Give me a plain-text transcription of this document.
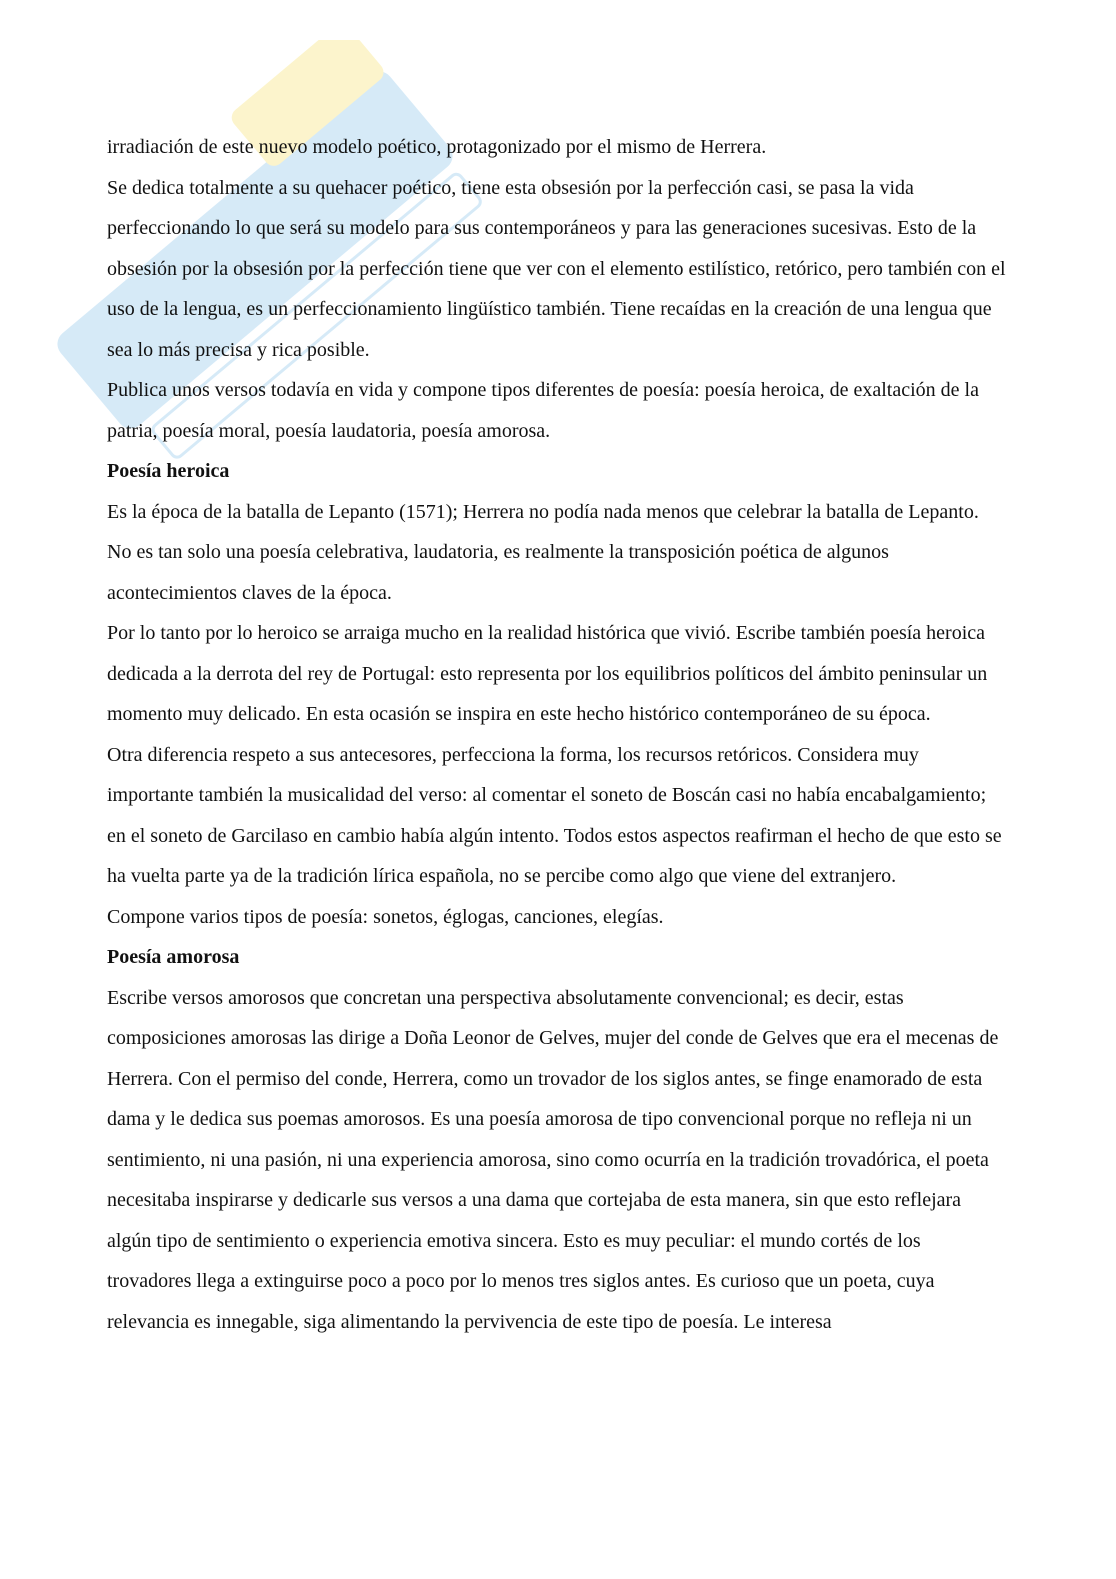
irradiación de este nuevo modelo poético, protagonizado por el mismo de Herrera.

Se dedica totalmente a su quehacer poético, tiene esta obsesión por la perfección casi, se pasa la vida perfeccionando lo que será su modelo para sus contemporáneos y para las generaciones sucesivas. Esto de la obsesión por la obsesión por la perfección tiene que ver con el elemento estilístico, retórico, pero también con el uso de la lengua, es un perfeccionamiento lingüístico también. Tiene recaídas en la creación de una lengua que sea lo más precisa y rica posible.

Publica unos versos todavía en vida y compone tipos diferentes de poesía: poesía heroica, de exaltación de la patria, poesía moral, poesía laudatoria, poesía amorosa.

Poesía heroica

Es la época de la batalla de Lepanto (1571); Herrera no podía nada menos que celebrar la batalla de Lepanto. No es tan solo una poesía celebrativa, laudatoria, es realmente la transposición poética de algunos acontecimientos claves de la época.

Por lo tanto por lo heroico se arraiga mucho en la realidad histórica que vivió. Escribe también poesía heroica dedicada a la derrota del rey de Portugal: esto representa por los equilibrios políticos del ámbito peninsular un momento muy delicado. En esta ocasión se inspira en este hecho histórico contemporáneo de su época.

Otra diferencia respeto a sus antecesores, perfecciona la forma, los recursos retóricos. Considera muy importante también la musicalidad del verso: al comentar el soneto de Boscán casi no había encabalgamiento; en el soneto de Garcilaso en cambio había algún intento. Todos estos aspectos reafirman el hecho de que esto se ha vuelta parte ya de la tradición lírica española, no se percibe como algo que viene del extranjero.

Compone varios tipos de poesía: sonetos, églogas, canciones, elegías.

Poesía amorosa

Escribe versos amorosos que concretan una perspectiva absolutamente convencional; es decir, estas composiciones amorosas las dirige a Doña Leonor de Gelves, mujer del conde de Gelves que era el mecenas de Herrera. Con el permiso del conde, Herrera, como un trovador de los siglos antes, se finge enamorado de esta dama y le dedica sus poemas amorosos. Es una poesía amorosa de tipo convencional porque no refleja ni un sentimiento, ni una pasión, ni una experiencia amorosa, sino como ocurría en la tradición trovadórica, el poeta necesitaba inspirarse y dedicarle sus versos a una dama que cortejaba de esta manera, sin que esto reflejara algún tipo de sentimiento o experiencia emotiva sincera. Esto es muy peculiar: el mundo cortés de los trovadores llega a extinguirse poco a poco por lo menos tres siglos antes. Es curioso que un poeta, cuya relevancia es innegable, siga alimentando la pervivencia de este tipo de poesía. Le interesa
